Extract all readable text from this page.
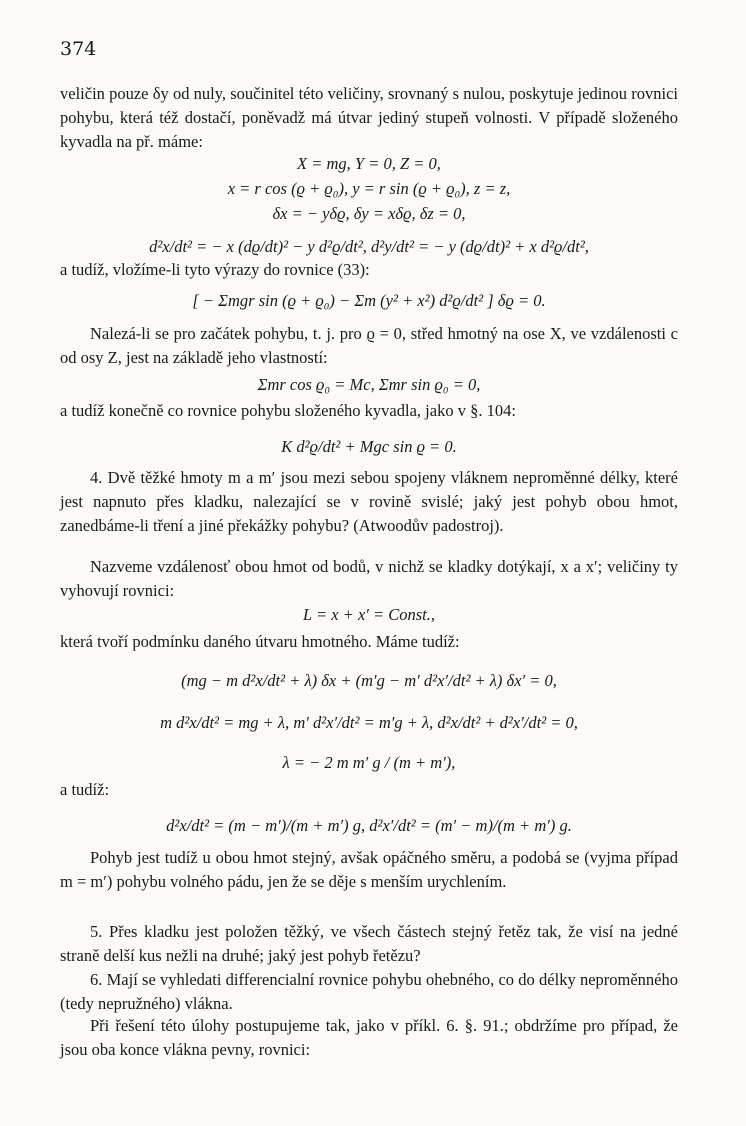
374

veličin pouze δy od nuly, součinitel této veličiny, srovnaný s nulou, poskytuje jedinou rovnici pohybu, která též dostačí, poněvadž má útvar jediný stupeň volnosti. V případě složeného kyvadla na př. máme:

X = mg, Y = 0, Z = 0,
x = r cos (ϱ + ϱ₀), y = r sin (ϱ + ϱ₀), z = z,
δx = − yδϱ, δy = xδϱ, δz = 0,
d²x/dt² = − x (dϱ/dt)² − y d²ϱ/dt², d²y/dt² = − y (dϱ/dt)² + x d²ϱ/dt²,
a tudíž, vložíme-li tyto výrazy do rovnice (33):
[ − Σmgr sin (ϱ + ϱ₀) − Σm (y² + x²) d²ϱ/dt² ] δϱ = 0.

Nalezá-li se pro začátek pohybu, t. j. pro ϱ = 0, střed hmotný na ose X, ve vzdálenosti c od osy Z, jest na základě jeho vlastností:

Σmr cos ϱ₀ = Mc, Σmr sin ϱ₀ = 0,
a tudíž konečně co rovnice pohybu složeného kyvadla, jako v §. 104:
K d²ϱ/dt² + Mgc sin ϱ = 0.

4. Dvě těžké hmoty m a m′ jsou mezi sebou spojeny vláknem neproměnné délky, které jest napnuto přes kladku, nalezající se v rovině svislé; jaký jest pohyb obou hmot, zanedbáme-li tření a jiné překážky pohybu? (Atwoodův padostroj).

Nazveme vzdálenosť obou hmot od bodů, v nichž se kladky dotýkají, x a x′; veličiny ty vyhovují rovnici:

L = x + x′ = Const.,
která tvoří podmínku daného útvaru hmotného. Máme tudíž:
(mg − m d²x/dt² + λ) δx + (m′g − m′ d²x′/dt² + λ) δx′ = 0,
m d²x/dt² = mg + λ, m′ d²x′/dt² = m′g + λ, d²x/dt² + d²x′/dt² = 0,
λ = − 2 m m′ g / (m + m′),
a tudíž:
d²x/dt² = (m − m′)/(m + m′) g, d²x′/dt² = (m′ − m)/(m + m′) g.

Pohyb jest tudíž u obou hmot stejný, avšak opáčného směru, a podobá se (vyjma případ m = m′) pohybu volného pádu, jen že se děje s menším urychlením.

5. Přes kladku jest položen těžký, ve všech částech stejný řetěz tak, že visí na jedné straně delší kus nežli na druhé; jaký jest pohyb řetězu?

6. Mají se vyhledati differencialní rovnice pohybu ohebného, co do délky neproměnného (tedy nepružného) vlákna.

Při řešení této úlohy postupujeme tak, jako v příkl. 6. §. 91.; obdržíme pro případ, že jsou oba konce vlákna pevny, rovnici:
